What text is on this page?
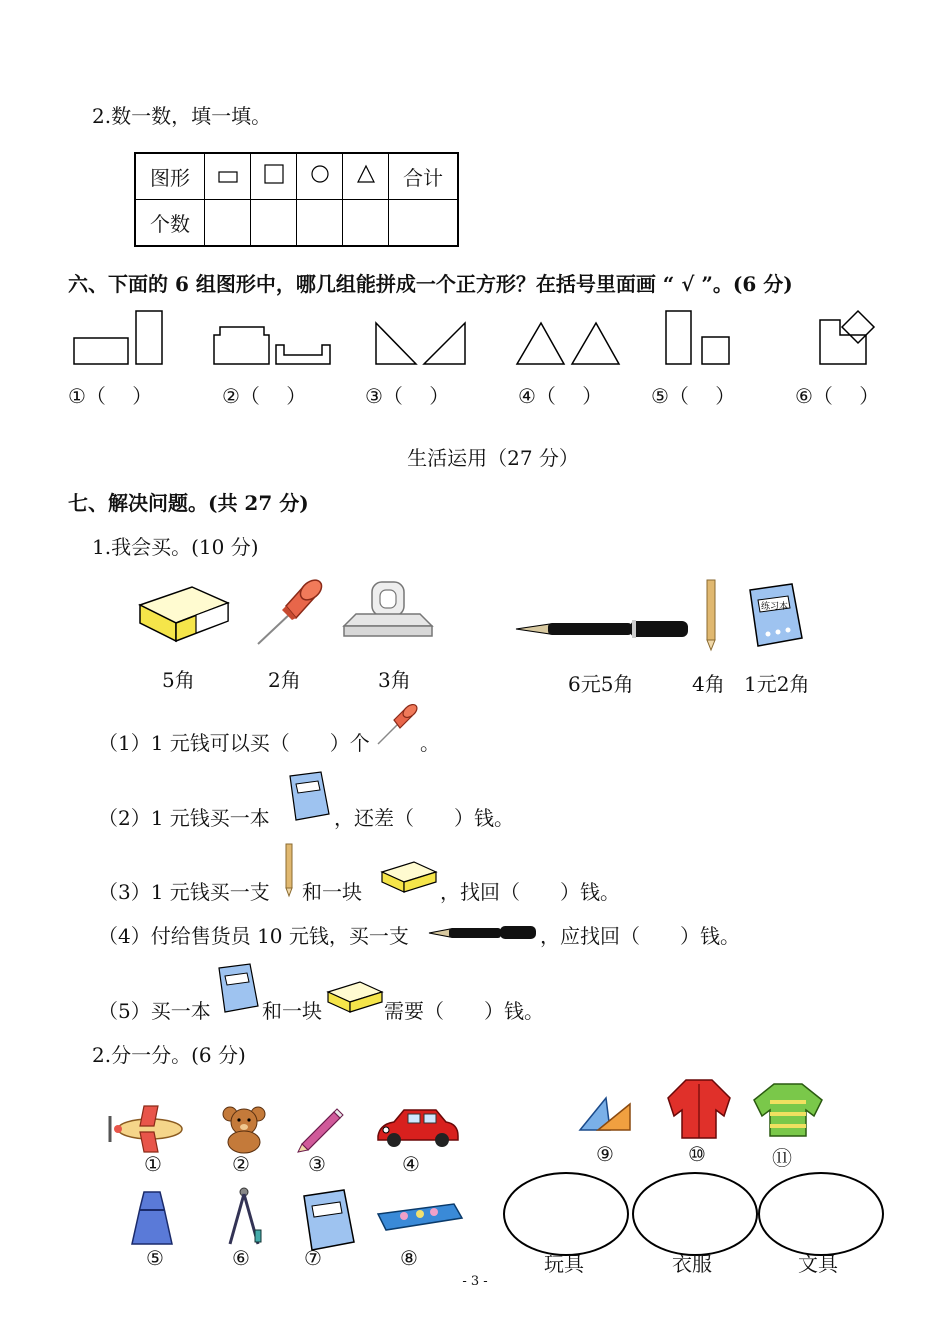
2.数一数，填一填。
图形					合计
个数					
六、下面的 6 组图形中，哪几组能拼成一个正方形？在括号里面画 “ √ ”。(6 分)
①（　 ）	②（　 ）	③（　 ）	④（　 ） ⑤（　 ）	⑥（　 ）
生活运用（27 分）
七、解决问题。(共 27 分)
1.我会买。(10 分)
5角	2角	3角	6元5角	4角
练习本
1元2角
（1）1 元钱可以买（　　）个	。
（2）1 元钱买一本	，还差（　　）钱。
（3）1 元钱买一支 和一块	，找回（　　）钱。
（4）付给售货员 10 元钱，买一支	，应找回（　　）钱。
（5）买一本	和一块	需要（　　）钱。
2.分一分。(6 分)
①	②	③	④
⑤	⑥	⑦	⑧
⑨	⑩	⑪
玩具	衣服	文具
- 3 -
